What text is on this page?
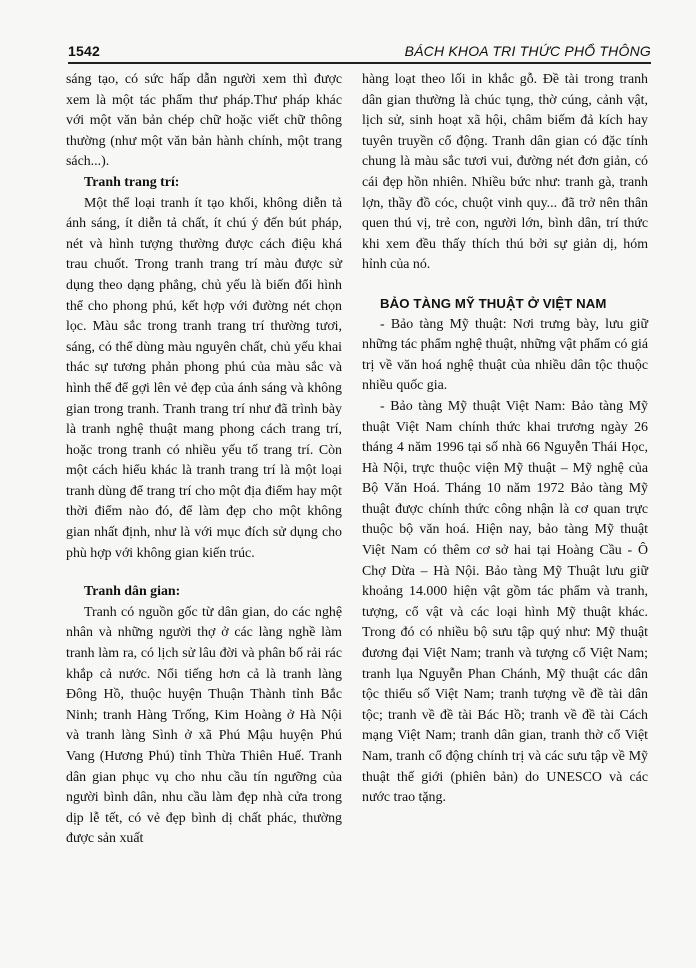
1542	BÁCH KHOA TRI THỨC PHỔ THÔNG

sáng tạo, có sức hấp dẫn người xem thì được xem là một tác phẩm thư pháp.Thư pháp khác với một văn bản chép chữ hoặc viết chữ thông thường (như một văn bản hành chính, một trang sách...).

Tranh trang trí:

Một thể loại tranh ít tạo khối, không diễn tả ánh sáng, ít diễn tả chất, ít chú ý đến bút pháp, nét và hình tượng thường được cách điệu khá trau chuốt. Trong tranh trang trí màu được sử dụng theo dạng phẳng, chủ yếu là biến đổi hình thể cho phong phú, kết hợp với đường nét chọn lọc. Màu sắc trong tranh trang trí thường tươi, sáng, có thể dùng màu nguyên chất, chủ yếu khai thác sự tương phản phong phú của màu sắc và hình thể để gợi lên vẻ đẹp của ánh sáng và không gian trong tranh. Tranh trang trí như đã trình bày là tranh nghệ thuật mang phong cách trang trí, hoặc trong tranh có nhiều yếu tố trang trí. Còn một cách hiểu khác là tranh trang trí là một loại tranh dùng để trang trí cho một địa điểm hay một thời điểm nào đó, để làm đẹp cho một không gian nhất định, như là với mục đích sử dụng cho phù hợp với không gian kiến trúc.

Tranh dân gian:

Tranh có nguồn gốc từ dân gian, do các nghệ nhân và những người thợ ở các làng nghề làm tranh làm ra, có lịch sử lâu đời và phân bố rải rác khắp cả nước. Nổi tiếng hơn cả là tranh làng Đông Hồ, thuộc huyện Thuận Thành tỉnh Bắc Ninh; tranh Hàng Trống, Kim Hoàng ở Hà Nội và tranh làng Sình ở xã Phú Mậu huyện Phú Vang (Hương Phú) tỉnh Thừa Thiên Huế. Tranh dân gian phục vụ cho nhu cầu tín ngưỡng của người bình dân, nhu cầu làm đẹp nhà cửa trong dịp lễ tết, có vẻ đẹp bình dị chất phác, thường được sản xuất

hàng loạt theo lối in khắc gỗ. Đề tài trong tranh dân gian thường là chúc tụng, thờ cúng, cảnh vật, lịch sử, sinh hoạt xã hội, châm biếm đả kích hay tuyên truyền cổ động. Tranh dân gian có đặc tính chung là màu sắc tươi vui, đường nét đơn giản, có cái đẹp hồn nhiên. Nhiều bức như: tranh gà, tranh lợn, thầy đồ cóc, chuột vinh quy... đã trở nên thân quen thú vị, trẻ con, người lớn, bình dân, trí thức khi xem đều thấy thích thú bởi sự giản dị, hóm hỉnh của nó.

BẢO TÀNG MỸ THUẬT Ở VIỆT NAM

- Bảo tàng Mỹ thuật: Nơi trưng bày, lưu giữ những tác phẩm nghệ thuật, những vật phẩm có giá trị về văn hoá nghệ thuật của nhiều dân tộc thuộc nhiều quốc gia.

- Bảo tàng Mỹ thuật Việt Nam: Bảo tàng Mỹ thuật Việt Nam chính thức khai trương ngày 26 tháng 4 năm 1996 tại số nhà 66 Nguyễn Thái Học, Hà Nội, trực thuộc viện Mỹ thuật – Mỹ nghệ của Bộ Văn Hoá. Tháng 10 năm 1972 Bảo tàng Mỹ thuật được chính thức công nhận là cơ quan trực thuộc bộ văn hoá. Hiện nay, bảo tàng Mỹ thuật Việt Nam có thêm cơ sở hai tại Hoàng Cầu - Ô Chợ Dừa – Hà Nội. Bảo tàng Mỹ Thuật lưu giữ khoảng 14.000 hiện vật gồm tác phẩm và tranh, tượng, cổ vật và các loại hình Mỹ thuật khác. Trong đó có nhiều bộ sưu tập quý như: Mỹ thuật đương đại Việt Nam; tranh và tượng cổ Việt Nam; tranh lụa Nguyễn Phan Chánh, Mỹ thuật các dân tộc thiểu số Việt Nam; tranh tượng về đề tài dân tộc; tranh về đề tài Bác Hồ; tranh về đề tài Cách mạng Việt Nam; tranh dân gian, tranh thờ cổ Việt Nam, tranh cổ động chính trị và các sưu tập về Mỹ thuật thế giới (phiên bản) do UNESCO và các nước trao tặng.
